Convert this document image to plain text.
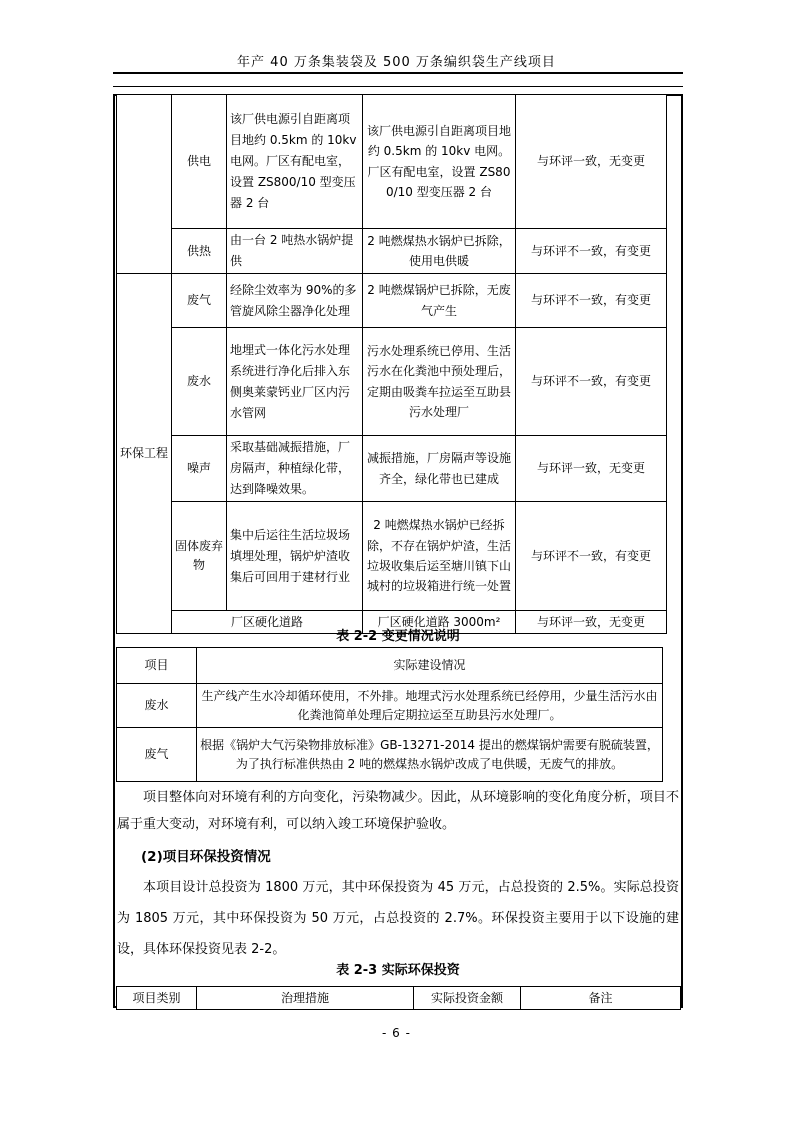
年产 40 万条集装袋及 500 万条编织袋生产线项目
	供电	该厂供电源引自距离项目地约 0.5km 的 10kv 电网。厂区有配电室，设置 ZS800/10 型变压器 2 台	该厂供电源引自距离项目地约 0.5km 的 10kv 电网。厂区有配电室，设置 ZS800/10 型变压器 2 台	与环评一致，无变更
	供热	由一台 2 吨热水锅炉提供	2 吨燃煤热水锅炉已拆除，使用电供暖	与环评不一致，有变更
环保工程	废气	经除尘效率为 90%的多管旋风除尘器净化处理	2 吨燃煤锅炉已拆除，无废气产生	与环评不一致，有变更
	废水	地埋式一体化污水处理系统进行净化后排入东侧奥莱蒙钙业厂区内污水管网	污水处理系统已停用、生活污水在化粪池中预处理后，定期由吸粪车拉运至互助县污水处理厂	与环评不一致，有变更
	噪声	采取基础减振措施，厂房隔声，种植绿化带，达到降噪效果。	减振措施，厂房隔声等设施齐全，绿化带也已建成	与环评一致，无变更
	固体废弃物	集中后运往生活垃圾场填埋处理，锅炉炉渣收集后可回用于建材行业	2 吨燃煤热水锅炉已经拆除，不存在锅炉炉渣，生活垃圾收集后运至塘川镇下山城村的垃圾箱进行统一处置	与环评不一致，有变更
	厂区硬化道路		厂区硬化道路 3000m²	与环评一致，无变更
表 2-2 变更情况说明
项目	实际建设情况
废水	生产线产生水冷却循环使用，不外排。地埋式污水处理系统已经停用，少量生活污水由化粪池简单处理后定期拉运至互助县污水处理厂。
废气	根据《锅炉大气污染物排放标准》GB-13271-2014 提出的燃煤锅炉需要有脱硫装置，为了执行标准供热由 2 吨的燃煤热水锅炉改成了电供暖，无废气的排放。
项目整体向对环境有利的方向变化，污染物减少。因此，从环境影响的变化角度分析，项目不属于重大变动，对环境有利，可以纳入竣工环境保护验收。
(2)项目环保投资情况
本项目设计总投资为 1800 万元，其中环保投资为 45 万元，占总投资的 2.5%。实际总投资为 1805 万元，其中环保投资为 50 万元，占总投资的 2.7%。环保投资主要用于以下设施的建设，具体环保投资见表 2-2。
表 2-3 实际环保投资
项目类别	治理措施	实际投资金额	备注
- 6 -
